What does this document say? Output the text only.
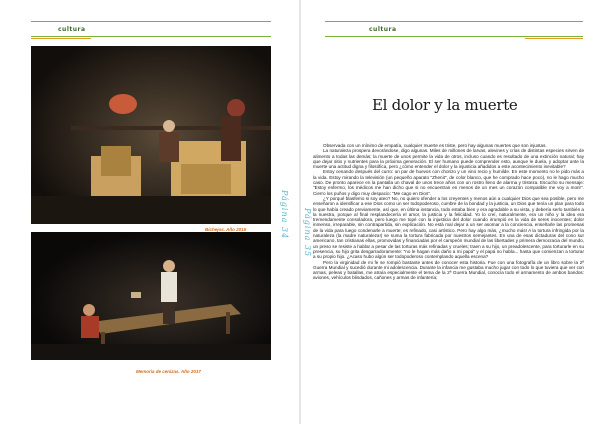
cultura
Bichejos. Año 2015
Memoria de cenizas. Año 2017
Página 34
cultura
El dolor y la muerte
Página 35

Observada con un mínimo de empatía, cualquier muerte es triste, pero hay algunas muertes que son injustas.

La naturaleza prospera devorándose, digo algunas. Miles de millones de larvas, alevines y crías de distintas especies sirven de alimento a todas las demás; la muerte de unos permite la vida de otros, incluso cuando es resultado de una extinción natural; hay que dejar sitio y nutrientes para la próxima generación. El ser humano puede comprender esto, aunque le duela, y adoptar ante la muerte una actitud digna y filosófica, pero ¿cómo entender el dolor y la injusticia añadidos a este acontecimiento inevitable?

Estoy cenando después del curro: un par de huevos con chorizo y un vino recio y humilde. En este momento no le pido más a la vida. Estoy mirando la televisión (un pequeño aparato "Zhenit", de color blanco, que he comprado hace poco), no le hago mucho caso. De pronto aparece en la pantalla un chaval de unos trece años con un rostro lleno de alarma y tristeza. Escucho su mensaje: "Estoy enfermo, los médicos me han dicho que si no encuentran en menos de un mes un corazón compatible me voy a morir". Cierro los puños y digo muy despacio: "Me cago en Dios".

¿Y porqué blasfemo si soy ateo? No, no quiero ofender a los creyentes y menos aún a cualquier Dios que sea posible, pero me enseñaron a identificar a ese Dios como un ser todopoderoso, cumbre de la bondad y la justicia, un Dios que tenía un plan para todo lo que había creado previamente, así que, en última instancia, todo estaba bien y era agradable a su vista, y debería serlo también a la nuestra, porque al final resplandecería el amor, la justicia y la felicidad. Yo lo creí, naturalmente, era un niño y la idea era tremendamente consoladora, pero luego me topé con la injusticia del dolor cuando irrumpió en la vida de seres inocentes; dolor inmenso, irreparable, sin contrapartida, sin explicación. No está mal dejar a un ser asomar a la conciencia, enseñarle las promesas de la vida para luego condenarle a muerte; es refinado, casi artístico. Pero hay algo más, ¿mucho más! A la tortura infringida por la naturaleza (la madre naturaleza!) se suma la tortura fabricada por nuestros semejantes. En una de esas dictaduras del cono sur americano, tan cristianas ellas, promovidas y financiadas por el campeón mundial de las libertades y primera democracia del mundo, un preso se resiste a hablar a pesar de las torturas más refinadas y crueles; traen a su hijo, un preadolescente, para torturarle en su presencia, su hijo grita desgarradoramente: "no le hagan más daño a mi papá" y el papá no habla... hasta que comienzan a torturar a su propio hijo. ¿Acaso hubo algún ser todopoderoso contemplando aquella escena?

Pero la virginidad de mi fe se rompió bastante antes de conocer esta historia. Fue con una fotografía de un libro sobre la 2ª Guerra Mundial y sucedió durante mi adolescencia. Durante la infancia me gustaba mucho jugar con todo lo que tuviera que ver con armas, peleas y batallas, me atraía especialmente el tema de la 2ª Guerra Mundial, conocía todo el armamento de ambos bandos: aviones, vehículos blindados, cañones y armas de infantería;
